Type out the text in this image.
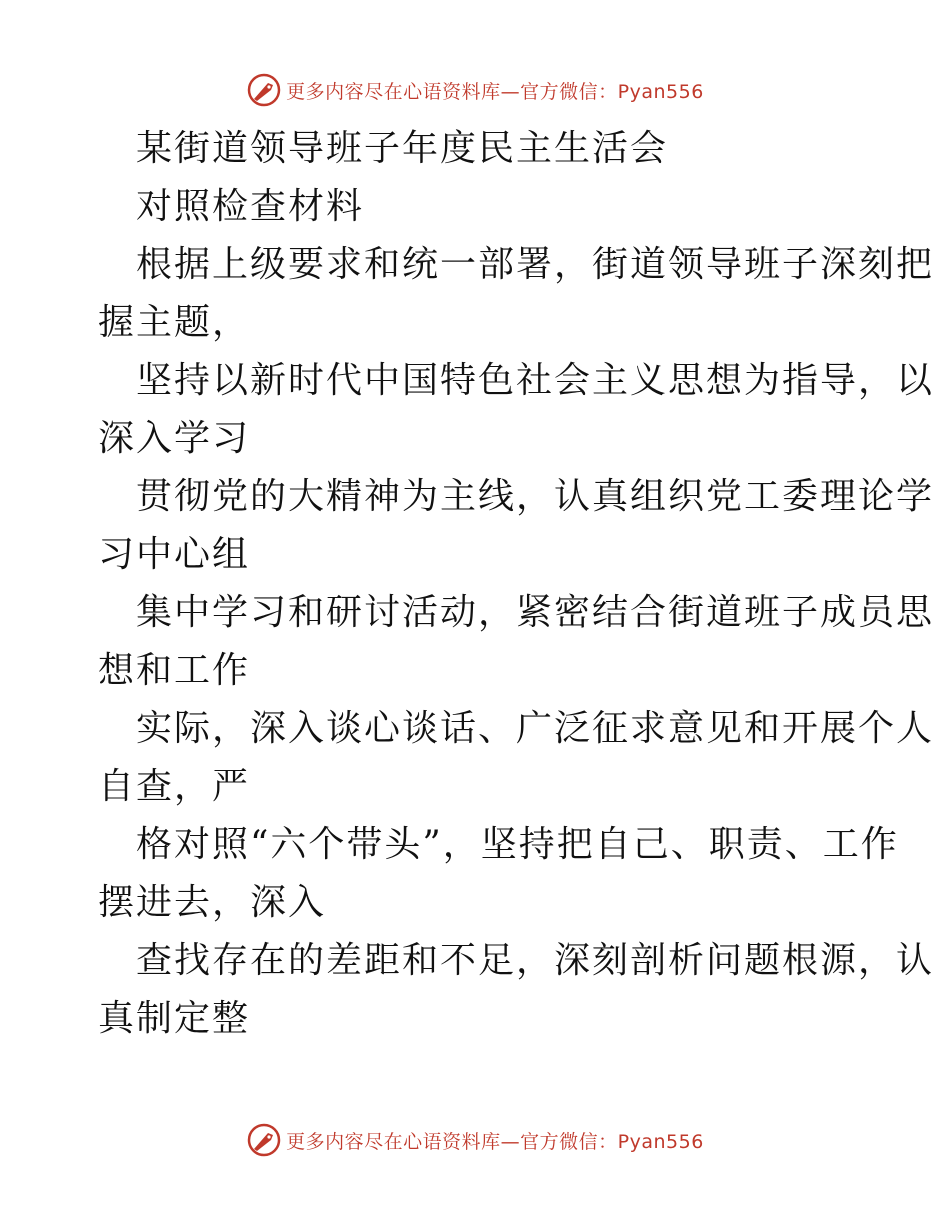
更多内容尽在心语资料库—官方微信：Pyan556
某街道领导班子年度民主生活会
对照检查材料
根据上级要求和统一部署，街道领导班子深刻把
握主题，
坚持以新时代中国特色社会主义思想为指导，以
深入学习
贯彻党的大精神为主线，认真组织党工委理论学
习中心组
集中学习和研讨活动，紧密结合街道班子成员思
想和工作
实际，深入谈心谈话、广泛征求意见和开展个人
自查，严
格对照“六个带头”，坚持把自己、职责、工作
摆进去，深入
查找存在的差距和不足，深刻剖析问题根源，认
真制定整
更多内容尽在心语资料库—官方微信：Pyan556
